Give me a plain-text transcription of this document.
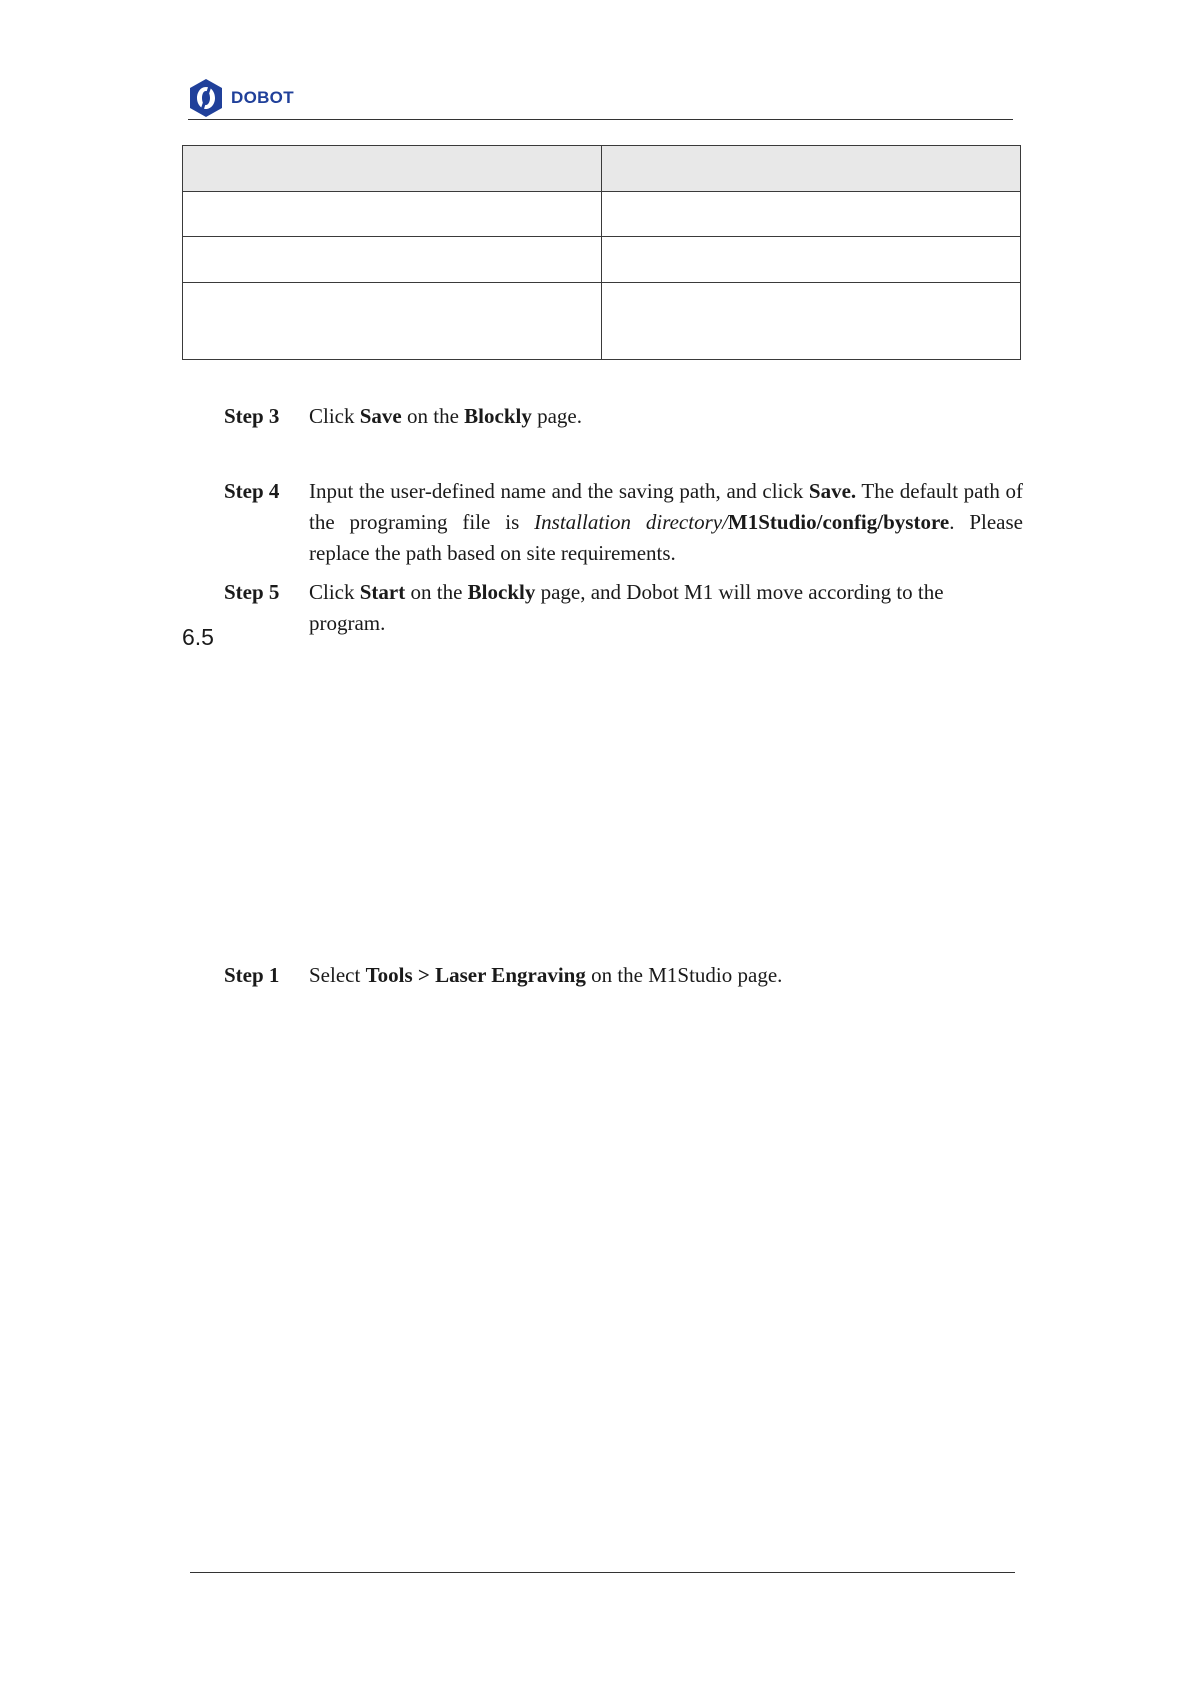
DOBOT

Step 3 Click Save on the Blockly page.
Step 4 Input the user-defined name and the saving path, and click Save. The default path of
the programing file is Installation directory/M1Studio/config/bystore. Please
replace the path based on site requirements.
Step 5 Click Start on the Blockly page, and Dobot M1 will move according to the program.
6.5
Step 1 Select Tools > Laser Engraving on the M1Studio page.
